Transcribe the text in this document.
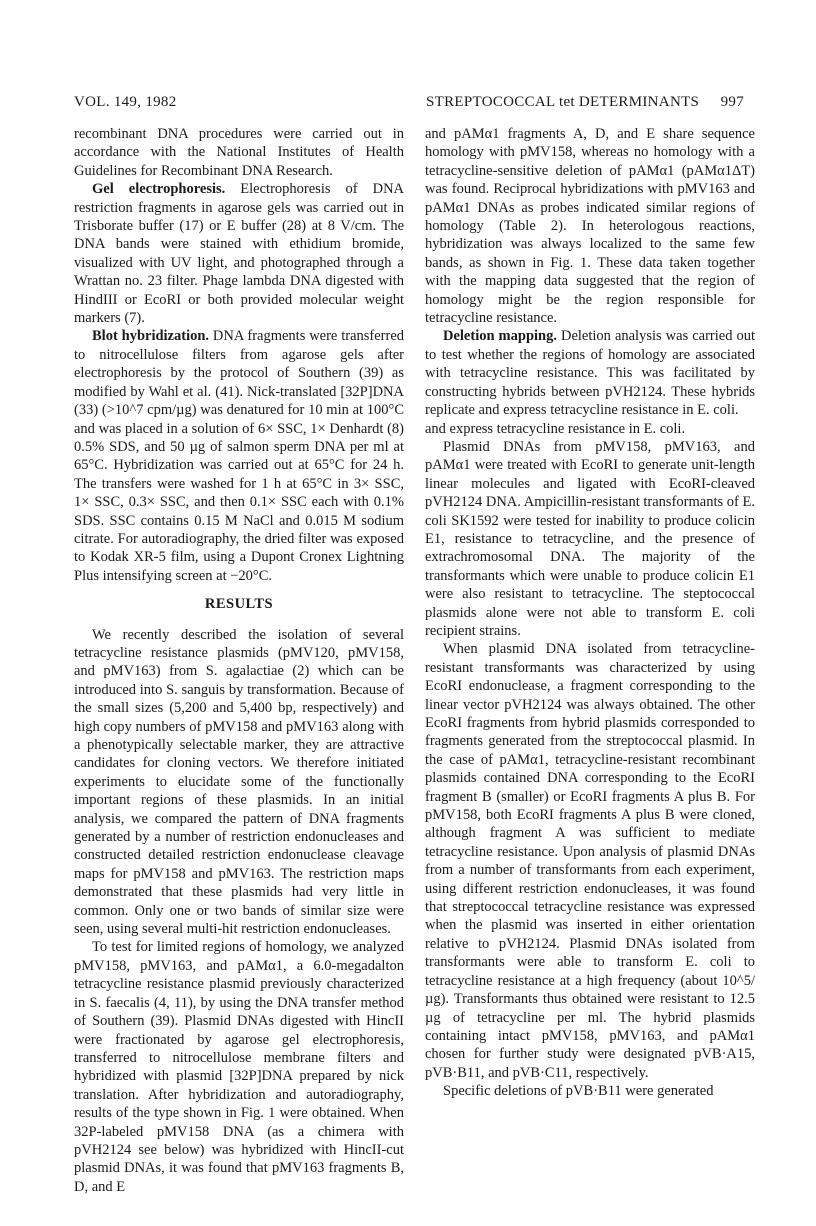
VOL. 149, 1982	STREPTOCOCCAL tet DETERMINANTS 997

recombinant DNA procedures were carried out in accordance with the National Institutes of Health Guidelines for Recombinant DNA Research.

Gel electrophoresis. Electrophoresis of DNA restriction fragments in agarose gels was carried out in Trisborate buffer (17) or E buffer (28) at 8 V/cm. The DNA bands were stained with ethidium bromide, visualized with UV light, and photographed through a Wrattan no. 23 filter. Phage lambda DNA digested with HindIII or EcoRI or both provided molecular weight markers (7).

Blot hybridization. DNA fragments were transferred to nitrocellulose filters from agarose gels after electrophoresis by the protocol of Southern (39) as modified by Wahl et al. (41). Nick-translated [32P]DNA (33) (>10^7 cpm/µg) was denatured for 10 min at 100°C and was placed in a solution of 6× SSC, 1× Denhardt (8) 0.5% SDS, and 50 µg of salmon sperm DNA per ml at 65°C. Hybridization was carried out at 65°C for 24 h. The transfers were washed for 1 h at 65°C in 3× SSC, 1× SSC, 0.3× SSC, and then 0.1× SSC each with 0.1% SDS. SSC contains 0.15 M NaCl and 0.015 M sodium citrate. For autoradiography, the dried filter was exposed to Kodak XR-5 film, using a Dupont Cronex Lightning Plus intensifying screen at −20°C.

RESULTS

We recently described the isolation of several tetracycline resistance plasmids (pMV120, pMV158, and pMV163) from S. agalactiae (2) which can be introduced into S. sanguis by transformation. Because of the small sizes (5,200 and 5,400 bp, respectively) and high copy numbers of pMV158 and pMV163 along with a phenotypically selectable marker, they are attractive candidates for cloning vectors. We therefore initiated experiments to elucidate some of the functionally important regions of these plasmids. In an initial analysis, we compared the pattern of DNA fragments generated by a number of restriction endonucleases and constructed detailed restriction endonuclease cleavage maps for pMV158 and pMV163. The restriction maps demonstrated that these plasmids had very little in common. Only one or two bands of similar size were seen, using several multi-hit restriction endonucleases.

To test for limited regions of homology, we analyzed pMV158, pMV163, and pAMα1, a 6.0-megadalton tetracycline resistance plasmid previously characterized in S. faecalis (4, 11), by using the DNA transfer method of Southern (39). Plasmid DNAs digested with HincII were fractionated by agarose gel electrophoresis, transferred to nitrocellulose membrane filters and hybridized with plasmid [32P]DNA prepared by nick translation. After hybridization and autoradiography, results of the type shown in Fig. 1 were obtained. When 32P-labeled pMV158 DNA (as a chimera with pVH2124 see below) was hybridized with HincII-cut plasmid DNAs, it was found that pMV163 fragments B, D, and E

and pAMα1 fragments A, D, and E share sequence homology with pMV158, whereas no homology with a tetracycline-sensitive deletion of pAMα1 (pAMα1ΔT) was found. Reciprocal hybridizations with pMV163 and pAMα1 DNAs as probes indicated similar regions of homology (Table 2). In heterologous reactions, hybridization was always localized to the same few bands, as shown in Fig. 1. These data taken together with the mapping data suggested that the region of homology might be the region responsible for tetracycline resistance.

Deletion mapping. Deletion analysis was carried out to test whether the regions of homology are associated with tetracycline resistance. This was facilitated by constructing hybrids between pVH2124. These hybrids replicate and express tetracycline resistance in E. coli.

and express tetracycline resistance in E. coli.

Plasmid DNAs from pMV158, pMV163, and pAMα1 were treated with EcoRI to generate unit-length linear molecules and ligated with EcoRI-cleaved pVH2124 DNA. Ampicillin-resistant transformants of E. coli SK1592 were tested for inability to produce colicin E1, resistance to tetracycline, and the presence of extrachromosomal DNA. The majority of the transformants which were unable to produce colicin E1 were also resistant to tetracycline. The steptococcal plasmids alone were not able to transform E. coli recipient strains.

When plasmid DNA isolated from tetracycline-resistant transformants was characterized by using EcoRI endonuclease, a fragment corresponding to the linear vector pVH2124 was always obtained. The other EcoRI fragments from hybrid plasmids corresponded to fragments generated from the streptococcal plasmid. In the case of pAMα1, tetracycline-resistant recombinant plasmids contained DNA corresponding to the EcoRI fragment B (smaller) or EcoRI fragments A plus B. For pMV158, both EcoRI fragments A plus B were cloned, although fragment A was sufficient to mediate tetracycline resistance. Upon analysis of plasmid DNAs from a number of transformants from each experiment, using different restriction endonucleases, it was found that streptococcal tetracycline resistance was expressed when the plasmid was inserted in either orientation relative to pVH2124. Plasmid DNAs isolated from transformants were able to transform E. coli to tetracycline resistance at a high frequency (about 10^5/µg). Transformants thus obtained were resistant to 12.5 µg of tetracycline per ml. The hybrid plasmids containing intact pMV158, pMV163, and pAMα1 chosen for further study were designated pVB·A15, pVB·B11, and pVB·C11, respectively.

Specific deletions of pVB·B11 were generated
